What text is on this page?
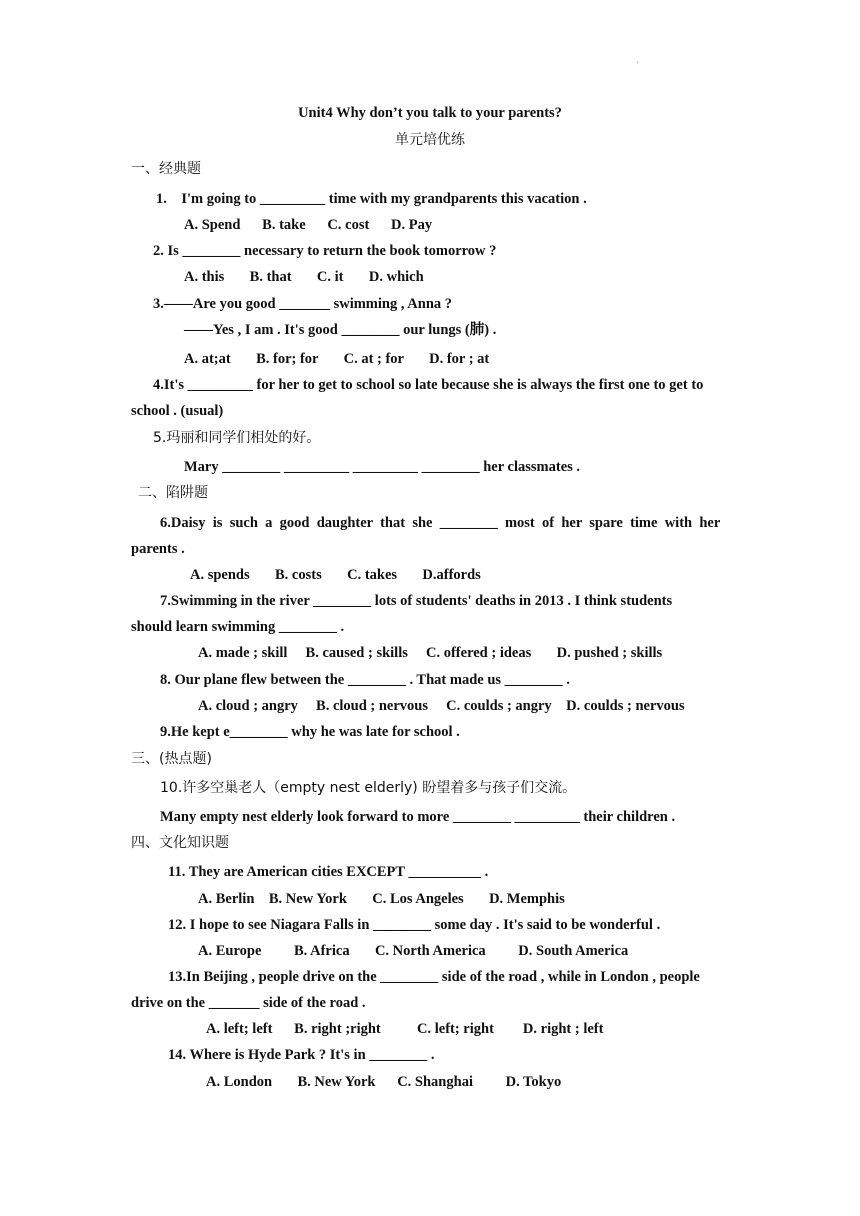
'
Unit4 Why don’t you talk to your parents?
单元培优练
一、经典题
1.    I'm going to _________ time with my grandparents this vacation .
A. Spend      B. take      C. cost      D. Pay
2. Is ________ necessary to return the book tomorrow ?
A. this       B. that       C. it       D. which
3.——Are you good _______ swimming , Anna ?
——Yes , I am . It's good ________ our lungs (肺) .
A. at;at       B. for; for       C. at ; for       D. for ; at
4.It's _________ for her to get to school so late because she is always the first one to get to
school . (usual)
5.玛丽和同学们相处的好。
Mary ________ _________ _________ ________ her classmates .
二、陷阱题
6.Daisy  is  such  a  good  daughter  that  she  ________  most  of  her  spare  time  with  her
parents .
A. spends       B. costs       C. takes       D.affords
7.Swimming in the river ________ lots of students' deaths in 2013 . I think students
should learn swimming ________ .
A. made ; skill     B. caused ; skills     C. offered ; ideas       D. pushed ; skills
8. Our plane flew between the ________ . That made us ________ .
A. cloud ; angry     B. cloud ; nervous     C. coulds ; angry    D. coulds ; nervous
9.He kept e________ why he was late for school .
三、(热点题)
10.许多空巢老人（empty nest elderly) 盼望着多与孩子们交流。
Many empty nest elderly look forward to more ________ _________ their children .
四、文化知识题
11. They are American cities EXCEPT __________ .
A. Berlin    B. New York       C. Los Angeles       D. Memphis
12. I hope to see Niagara Falls in ________ some day . It's said to be wonderful .
A. Europe         B. Africa       C. North America         D. South America
13.In Beijing , people drive on the ________ side of the road , while in London , people
drive on the _______ side of the road .
A. left; left      B. right ;right          C. left; right        D. right ; left
14. Where is Hyde Park ? It's in ________ .
A. London       B. New York      C. Shanghai         D. Tokyo
